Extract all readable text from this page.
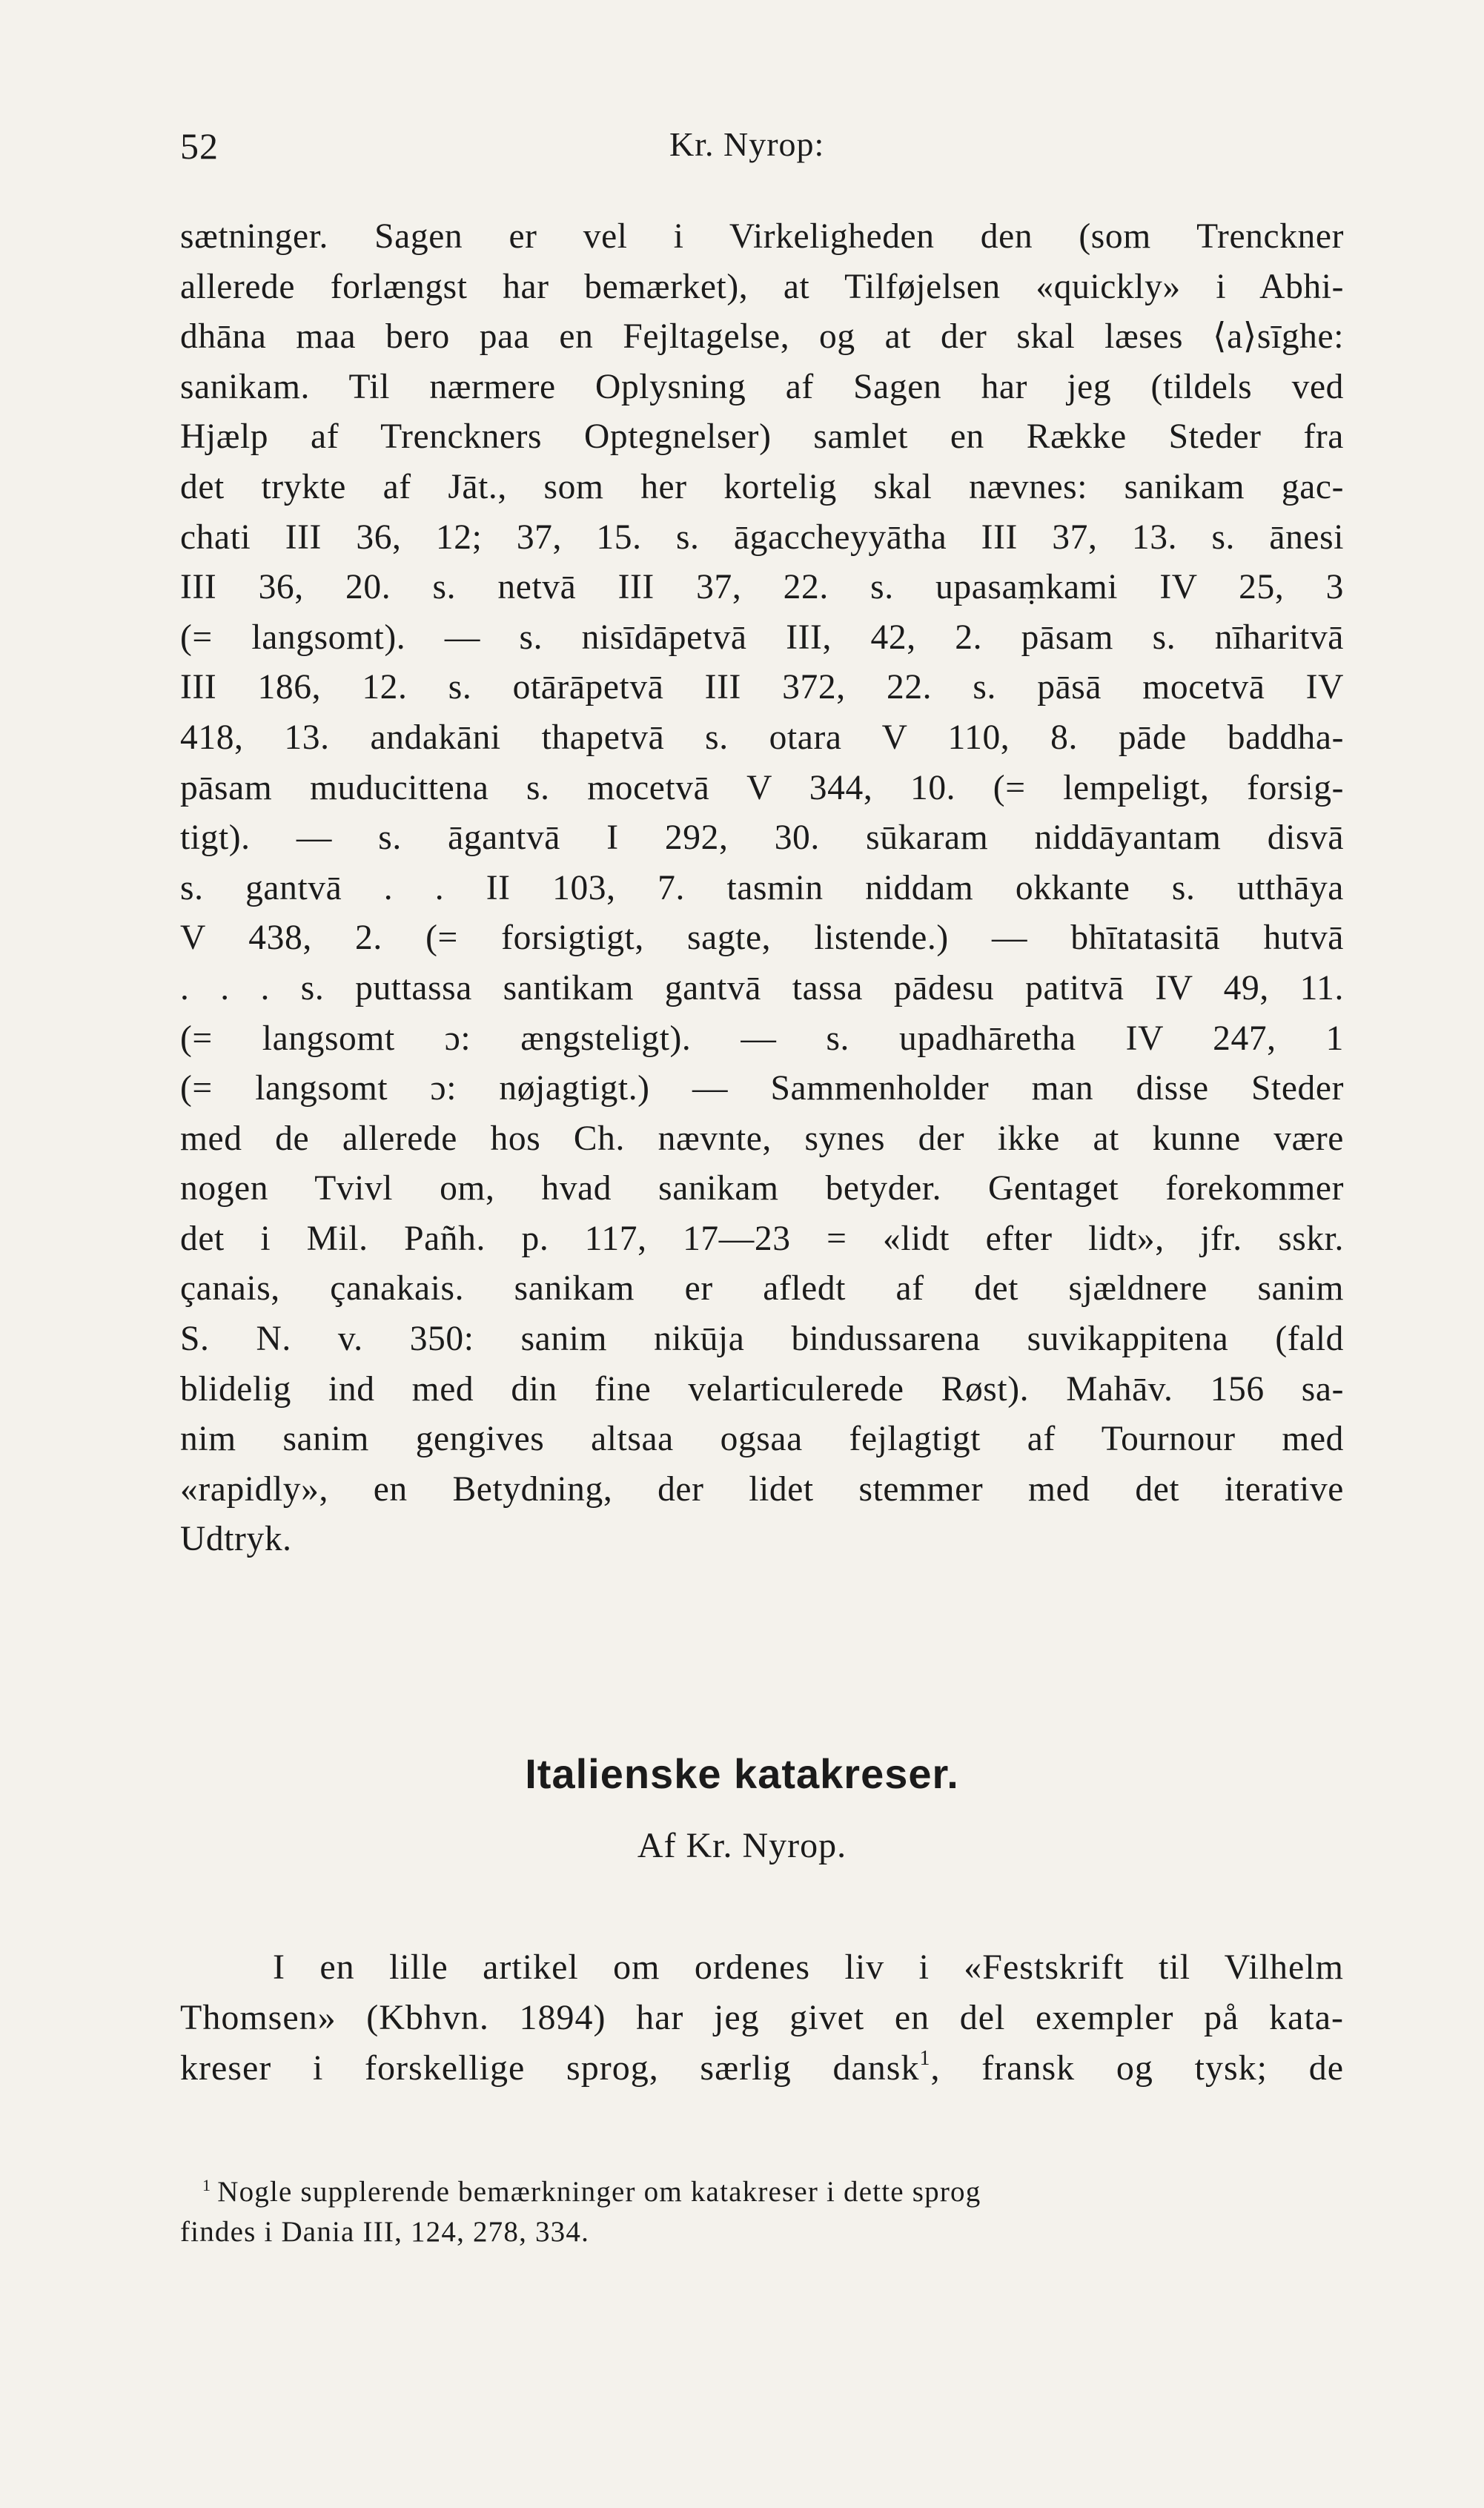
52	Kr. Nyrop:
sætninger. Sagen er vel i Virkeligheden den (som Trenckner
allerede forlængst har bemærket), at Tilføjelsen «quickly» i Abhi-
dhāna maa bero paa en Fejltagelse, og at der skal læses ⟨a⟩sīghe:
sanikam. Til nærmere Oplysning af Sagen har jeg (tildels ved
Hjælp af Trenckners Optegnelser) samlet en Række Steder fra
det trykte af Jāt., som her kortelig skal nævnes: sanikam gac-
chati III 36, 12; 37, 15. s. āgaccheyyātha III 37, 13. s. ānesi
III 36, 20. s. netvā III 37, 22. s. upasaṃkami IV 25, 3
(= langsomt). — s. nisīdāpetvā III, 42, 2. pāsam s. nīharitvā
III 186, 12. s. otārāpetvā III 372, 22. s. pāsā mocetvā IV
418, 13. andakāni thapetvā s. otara V 110, 8. pāde baddha-
pāsam muducittena s. mocetvā V 344, 10. (= lempeligt, forsig-
tigt). — s. āgantvā I 292, 30. sūkaram niddāyantam disvā
s. gantvā . . II 103, 7. tasmin niddam okkante s. utthāya
V 438, 2. (= forsigtigt, sagte, listende.) — bhītatasitā hutvā
. . . s. puttassa santikam gantvā tassa pādesu patitvā IV 49, 11.
(= langsomt ɔ: ængsteligt). — s. upadhāretha IV 247, 1
(= langsomt ɔ: nøjagtigt.) — Sammenholder man disse Steder
med de allerede hos Ch. nævnte, synes der ikke at kunne være
nogen Tvivl om, hvad sanikam betyder. Gentaget forekommer
det i Mil. Pañh. p. 117, 17—23 = «lidt efter lidt», jfr. sskr.
çanais, çanakais. sanikam er afledt af det sjældnere sanim
S. N. v. 350: sanim nikūja bindussarena suvikappitena (fald
blidelig ind med din fine velarticulerede Røst). Mahāv. 156 sa-
nim sanim gengives altsaa ogsaa fejlagtigt af Tournour med
«rapidly», en Betydning, der lidet stemmer med det iterative
Udtryk.
Italienske katakreser.
Af Kr. Nyrop.
I en lille artikel om ordenes liv i «Festskrift til Vilhelm
Thomsen» (Kbhvn. 1894) har jeg givet en del exempler på kata-
kreser i forskellige sprog, særlig dansk$^1$, fransk og tysk; de
$^1$ Nogle supplerende bemærkninger om katakreser i dette sprog
findes i Dania III, 124, 278, 334.
